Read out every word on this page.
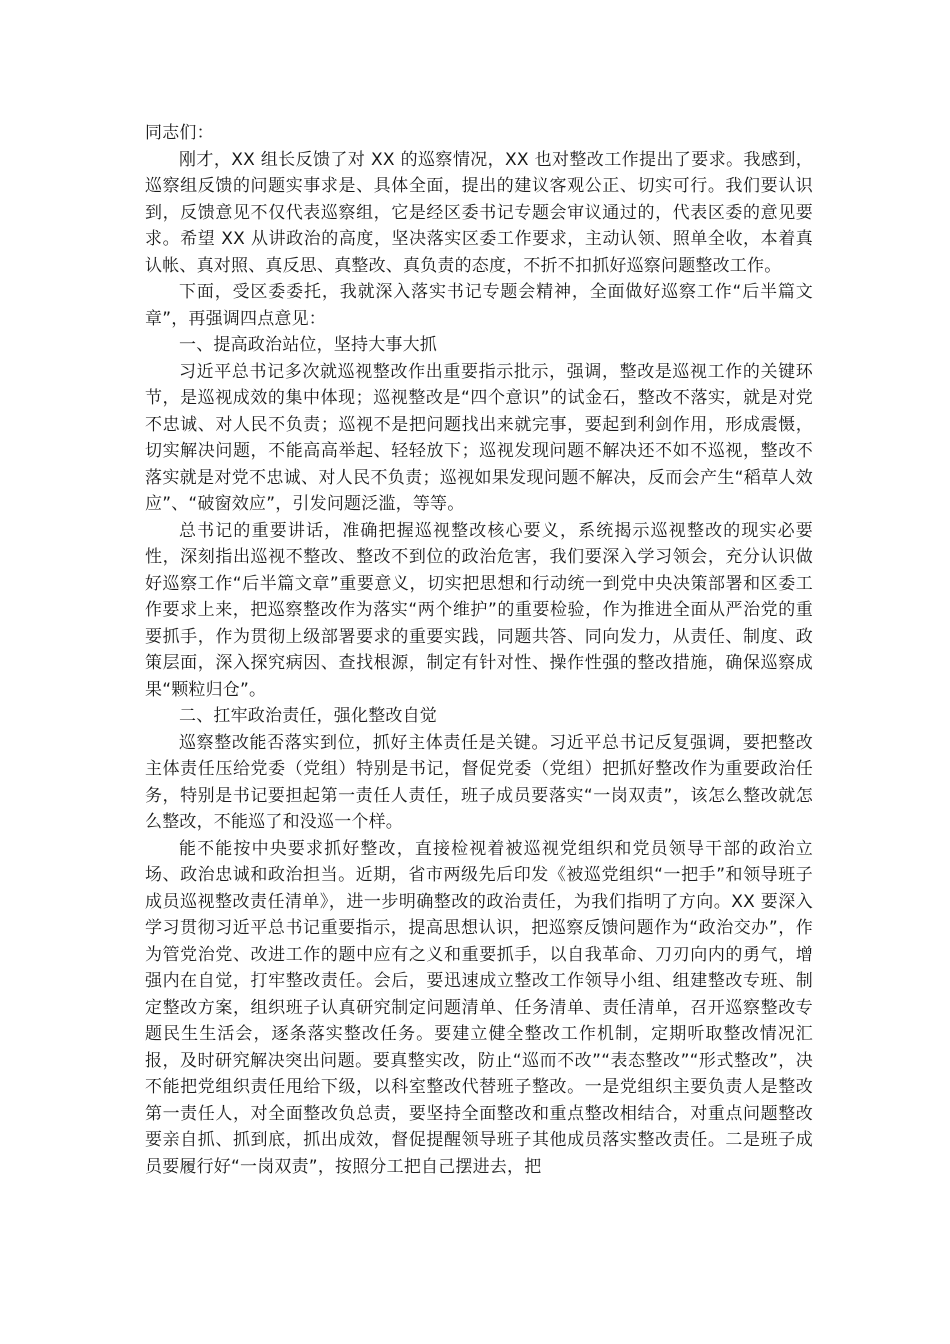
同志们：

刚才，XX 组长反馈了对 XX 的巡察情况，XX 也对整改工作提出了要求。我感到，巡察组反馈的问题实事求是、具体全面，提出的建议客观公正、切实可行。我们要认识到，反馈意见不仅代表巡察组，它是经区委书记专题会审议通过的，代表区委的意见要求。希望 XX 从讲政治的高度，坚决落实区委工作要求，主动认领、照单全收，本着真认帐、真对照、真反思、真整改、真负责的态度，不折不扣抓好巡察问题整改工作。

下面，受区委委托，我就深入落实书记专题会精神，全面做好巡察工作“后半篇文章”，再强调四点意见：

一、提高政治站位，坚持大事大抓

习近平总书记多次就巡视整改作出重要指示批示，强调，整改是巡视工作的关键环节，是巡视成效的集中体现；巡视整改是“四个意识”的试金石，整改不落实，就是对党不忠诚、对人民不负责；巡视不是把问题找出来就完事，要起到利剑作用，形成震慑，切实解决问题，不能高高举起、轻轻放下；巡视发现问题不解决还不如不巡视，整改不落实就是对党不忠诚、对人民不负责；巡视如果发现问题不解决，反而会产生“稻草人效应”、“破窗效应”，引发问题泛滥，等等。

总书记的重要讲话，准确把握巡视整改核心要义，系统揭示巡视整改的现实必要性，深刻指出巡视不整改、整改不到位的政治危害，我们要深入学习领会，充分认识做好巡察工作“后半篇文章”重要意义，切实把思想和行动统一到党中央决策部署和区委工作要求上来，把巡察整改作为落实“两个维护”的重要检验，作为推进全面从严治党的重要抓手，作为贯彻上级部署要求的重要实践，同题共答、同向发力，从责任、制度、政策层面，深入探究病因、查找根源，制定有针对性、操作性强的整改措施，确保巡察成果“颗粒归仓”。

二、扛牢政治责任，强化整改自觉

巡察整改能否落实到位，抓好主体责任是关键。习近平总书记反复强调，要把整改主体责任压给党委（党组）特别是书记，督促党委（党组）把抓好整改作为重要政治任务，特别是书记要担起第一责任人责任，班子成员要落实“一岗双责”，该怎么整改就怎么整改，不能巡了和没巡一个样。

能不能按中央要求抓好整改，直接检视着被巡视党组织和党员领导干部的政治立场、政治忠诚和政治担当。近期，省市两级先后印发《被巡党组织“一把手”和领导班子成员巡视整改责任清单》，进一步明确整改的政治责任，为我们指明了方向。XX 要深入学习贯彻习近平总书记重要指示，提高思想认识，把巡察反馈问题作为“政治交办”，作为管党治党、改进工作的题中应有之义和重要抓手，以自我革命、刀刃向内的勇气，增强内在自觉，打牢整改责任。会后，要迅速成立整改工作领导小组、组建整改专班、制定整改方案，组织班子认真研究制定问题清单、任务清单、责任清单，召开巡察整改专题民生生活会，逐条落实整改任务。要建立健全整改工作机制，定期听取整改情况汇报，及时研究解决突出问题。要真整实改，防止“巡而不改”“表态整改”“形式整改”，决不能把党组织责任甩给下级，以科室整改代替班子整改。一是党组织主要负责人是整改第一责任人，对全面整改负总责，要坚持全面整改和重点整改相结合，对重点问题整改要亲自抓、抓到底，抓出成效，督促提醒领导班子其他成员落实整改责任。二是班子成员要履行好“一岗双责”，按照分工把自己摆进去，把
